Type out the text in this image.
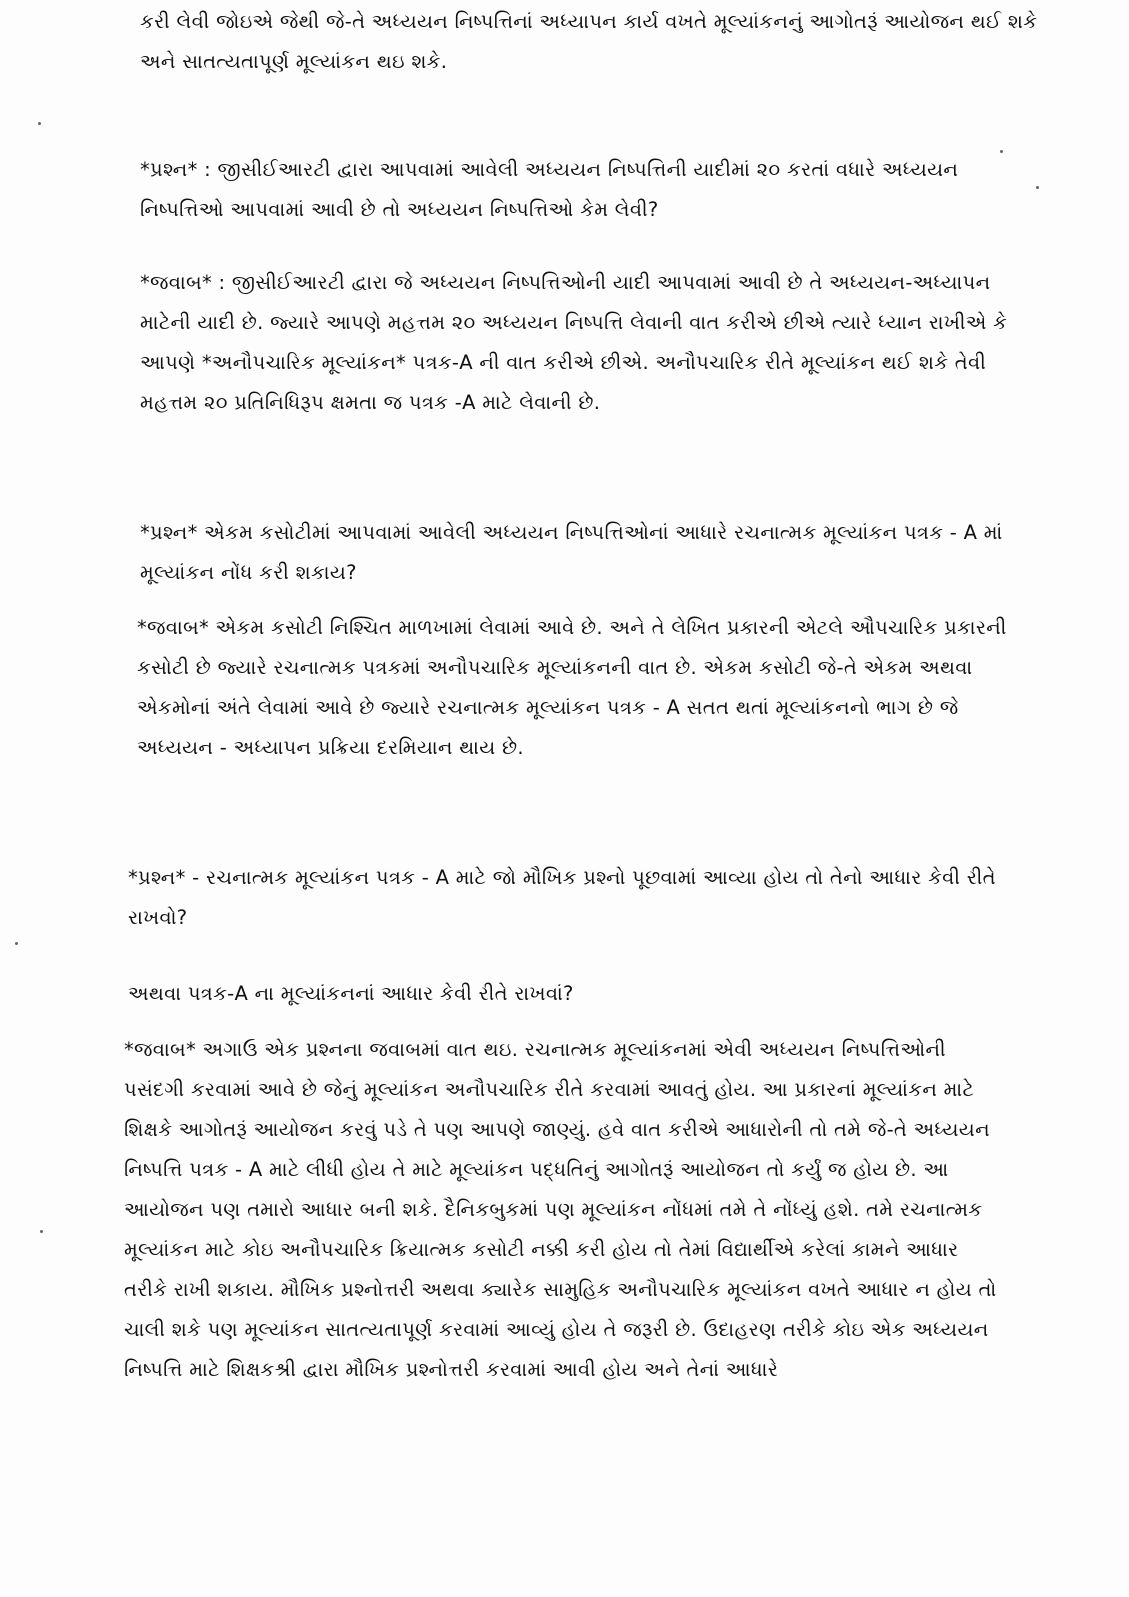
કરી લેવી જોઇએ જેથી જે-તે અધ્યયન નિષ્પત્તિનાં અધ્યાપન કાર્ય વખતે મૂલ્યાંકનનું આગોતરૂં આયોજન થઈ શકે અને સાતત્યતાપૂર્ણ મૂલ્યાંકન થઇ શકે.

*પ્રશ્ન* : જીસીઈઆરટી દ્વારા આપવામાં આવેલી અધ્યયન નિષ્પત્તિની યાદીમાં ૨૦ કરતાં વધારે અધ્યયન નિષ્પત્તિઓ આપવામાં આવી છે તો અધ્યયન નિષ્પત્તિઓ કેમ લેવી?

*જવાબ* : જીસીઈઆરટી દ્વારા જે અધ્યયન નિષ્પત્તિઓની યાદી આપવામાં આવી છે તે અધ્યયન-અધ્યાપન માટેની યાદી છે. જ્યારે આપણે મહત્તમ ૨૦ અધ્યયન નિષ્પત્તિ લેવાની વાત કરીએ છીએ ત્યારે ધ્યાન રાખીએ કે આપણે *અનૌપચારિક મૂલ્યાંકન* પત્રક-A ની વાત કરીએ છીએ. અનૌપચારિક રીતે મૂલ્યાંકન થઈ શકે તેવી મહત્તમ ૨૦ પ્રતિનિધિરૂપ ક્ષમતા જ પત્રક -A માટે લેવાની છે.

*પ્રશ્ન* એકમ કસોટીમાં આપવામાં આવેલી અધ્યયન નિષ્પત્તિઓનાં આધારે રચનાત્મક મૂલ્યાંકન પત્રક - A માં મૂલ્યાંકન નોંધ કરી શકાય?

*જવાબ* એકમ કસોટી નિશ્ચિત માળખામાં લેવામાં આવે છે. અને તે લેખિત પ્રકારની એટલે ઔપચારિક પ્રકારની કસોટી છે જ્યારે રચનાત્મક પત્રકમાં અનૌપચારિક મૂલ્યાંકનની વાત છે. એકમ કસોટી જે-તે એકમ અથવા એકમોનાં અંતે લેવામાં આવે છે જ્યારે રચનાત્મક મૂલ્યાંકન પત્રક - A સતત થતાં મૂલ્યાંકનનો ભાગ છે જે અધ્યયન - અધ્યાપન પ્રક્રિયા દરમિયાન થાય છે.

*પ્રશ્ન* - રચનાત્મક મૂલ્યાંકન પત્રક - A માટે જો મૌખિક પ્રશ્નો પૂછવામાં આવ્યા હોય તો તેનો આધાર કેવી રીતે રાખવો?

અથવા પત્રક-A ના મૂલ્યાંકનનાં આધાર કેવી રીતે રાખવાં?

*જવાબ* અગાઉ એક પ્રશ્નના જવાબમાં વાત થઇ. રચનાત્મક મૂલ્યાંકનમાં એવી અધ્યયન નિષ્પત્તિઓની પસંદગી કરવામાં આવે છે જેનું મૂલ્યાંકન અનૌપચારિક રીતે કરવામાં આવતું હોય. આ પ્રકારનાં મૂલ્યાંકન માટે શિક્ષકે આગોતરૂં આયોજન કરવું પડે તે પણ આપણે જાણ્યું. હવે વાત કરીએ આધારોની તો તમે જે-તે અધ્યયન નિષ્પત્તિ પત્રક - A માટે લીધી હોય તે માટે મૂલ્યાંકન પદ્ધતિનું આગોતરૂં આયોજન તો કર્યું જ હોય છે. આ આયોજન પણ તમારો આધાર બની શકે. દૈનિકબુકમાં પણ મૂલ્યાંકન નોંધમાં તમે તે નોંધ્યું હશે. તમે રચનાત્મક મૂલ્યાંકન માટે કોઇ અનૌપચારિક ક્રિયાત્મક કસોટી નક્કી કરી હોય તો તેમાં વિદ્યાર્થીએ કરેલાં કામને આધાર તરીકે રાખી શકાય. મૌખિક પ્રશ્નોત્તરી અથવા ક્યારેક સામુહિક અનૌપચારિક મૂલ્યાંકન વખતે આધાર ન હોય તો ચાલી શકે પણ મૂલ્યાંકન સાતત્યતાપૂર્ણ કરવામાં આવ્યું હોય તે જરૂરી છે. ઉદાહરણ તરીકે કોઇ એક અધ્યયન નિષ્પત્તિ માટે શિક્ષકશ્રી દ્વારા મૌખિક પ્રશ્નોત્તરી કરવામાં આવી હોય અને તેનાં આધારે
